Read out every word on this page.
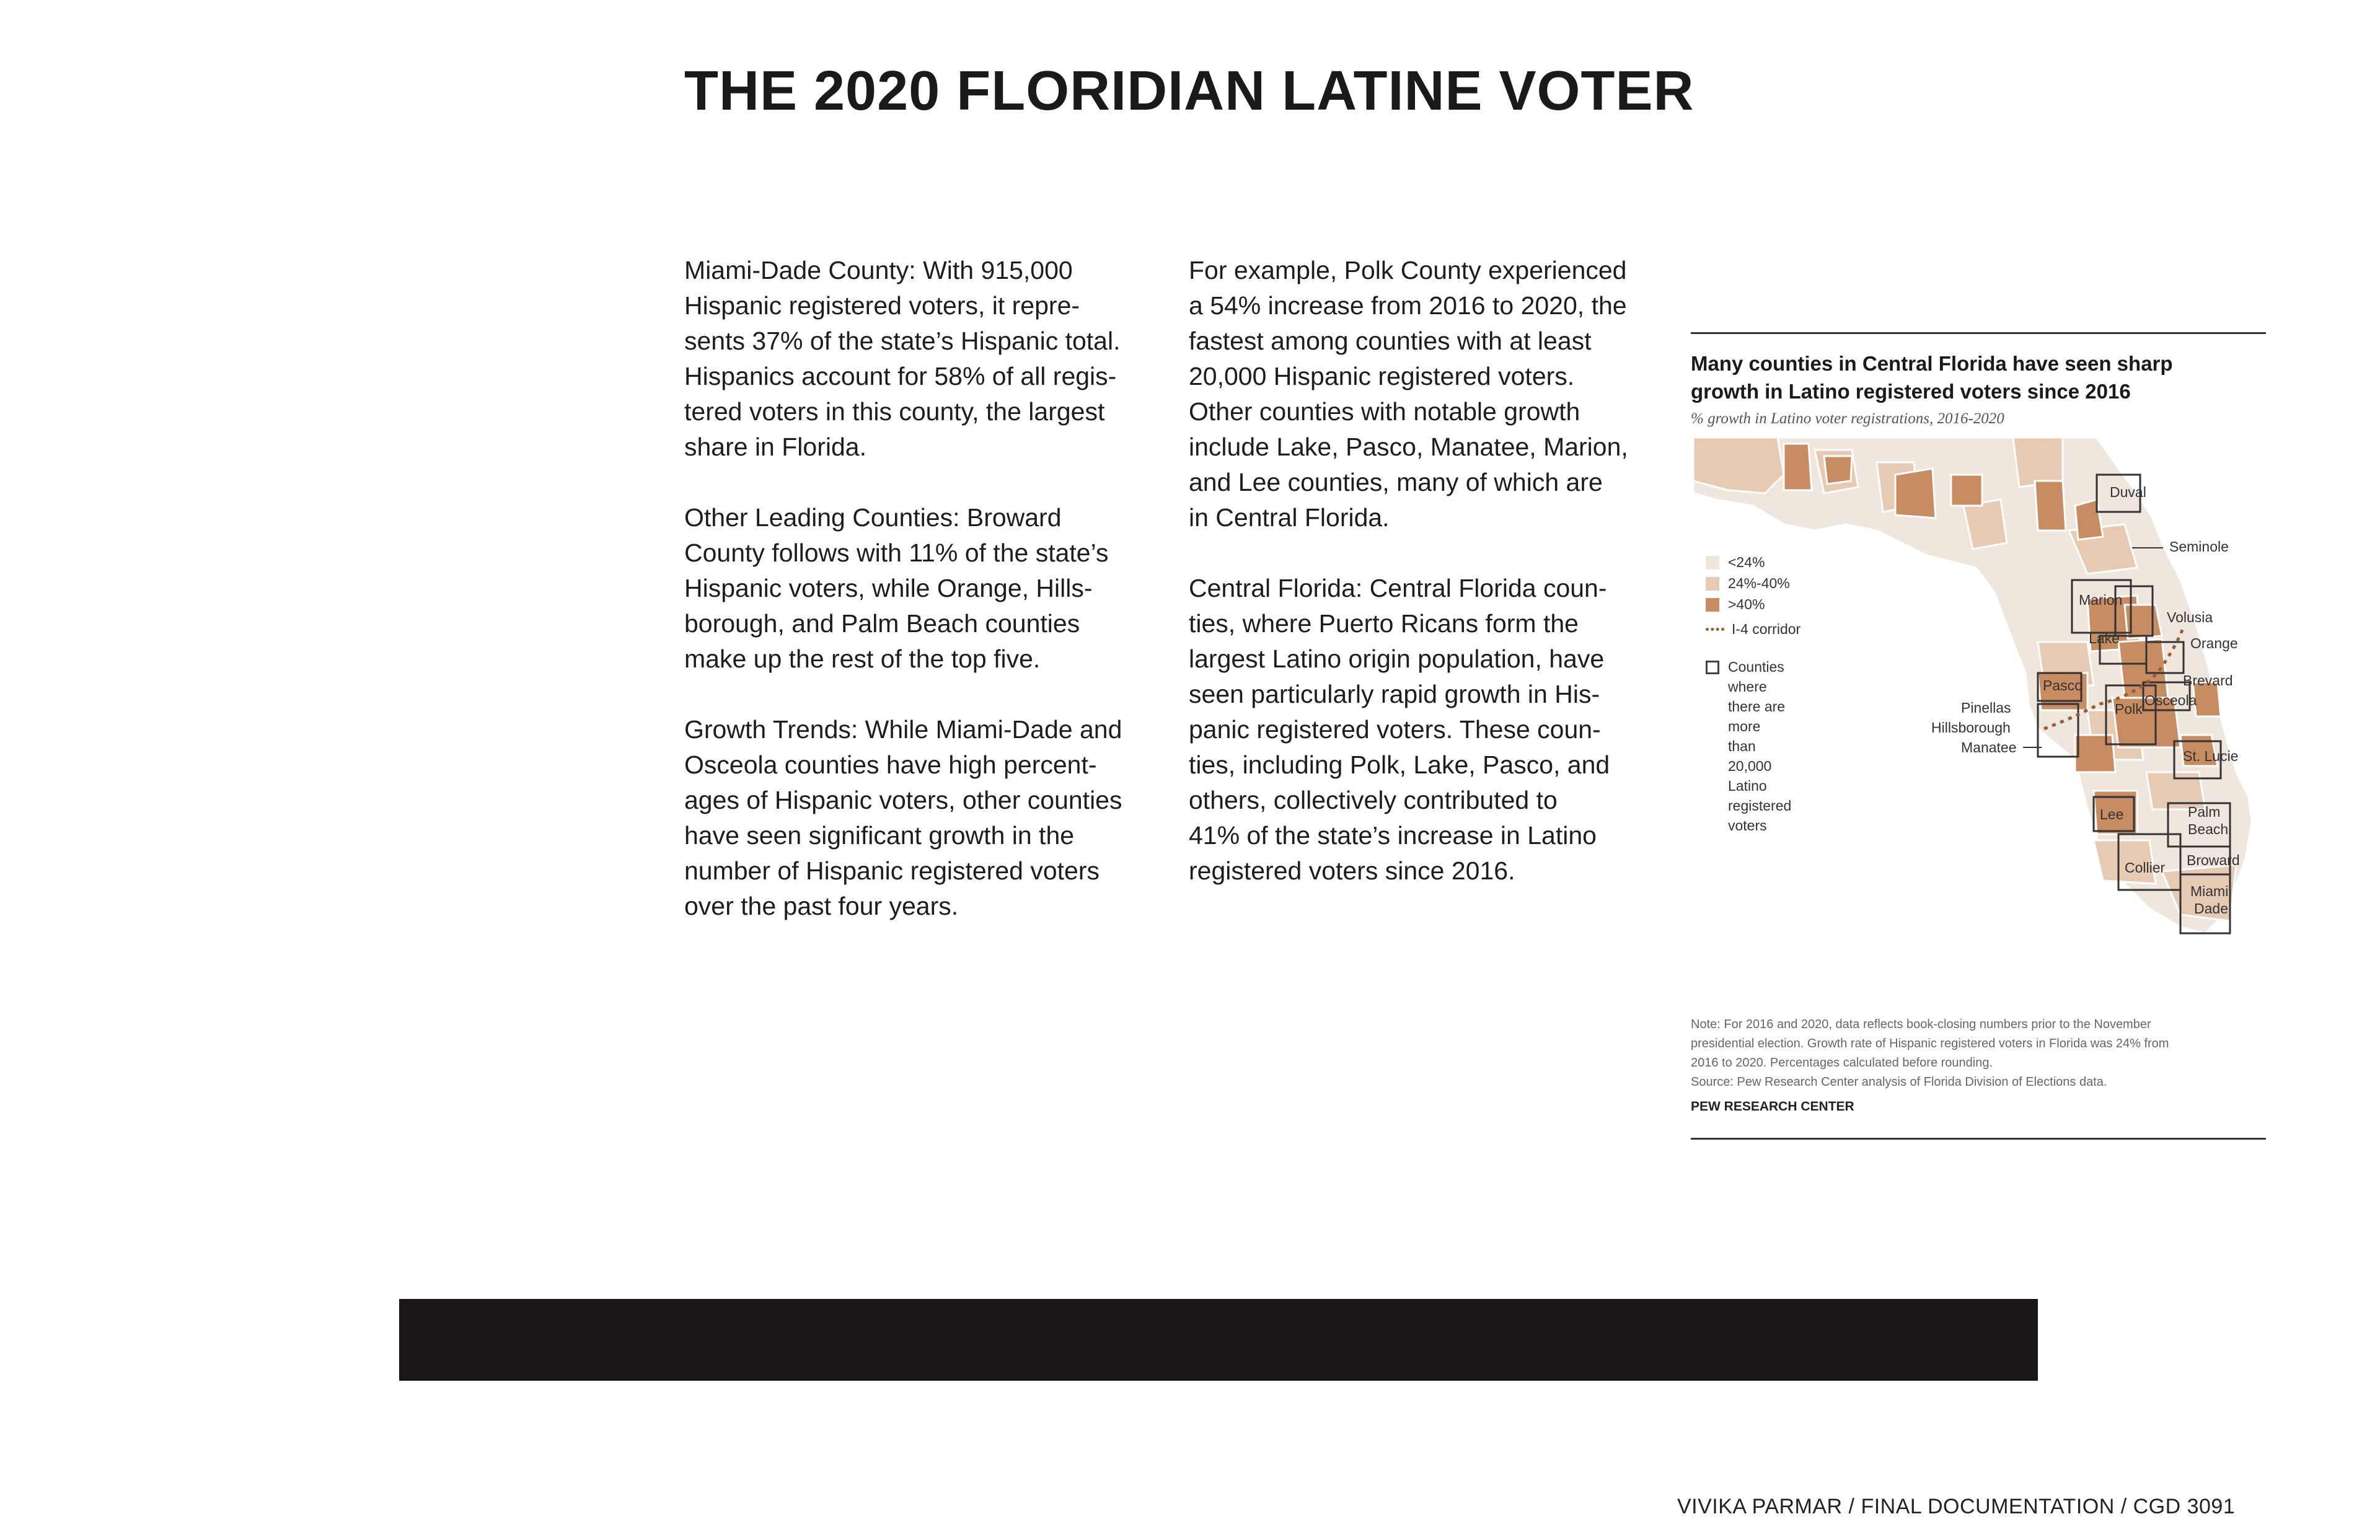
THE 2020 FLORIDIAN LATINE VOTER

Miami-Dade County: With 915,000
Hispanic registered voters, it repre-
sents 37% of the state’s Hispanic total.
Hispanics account for 58% of all regis-
tered voters in this county, the largest
share in Florida.

Other Leading Counties: Broward
County follows with 11% of the state’s
Hispanic voters, while Orange, Hills-
borough, and Palm Beach counties
make up the rest of the top five.

Growth Trends: While Miami-Dade and
Osceola counties have high percent-
ages of Hispanic voters, other counties
have seen significant growth in the
number of Hispanic registered voters
over the past four years.

For example, Polk County experienced
a 54% increase from 2016 to 2020, the
fastest among counties with at least
20,000 Hispanic registered voters.
Other counties with notable growth
include Lake, Pasco, Manatee, Marion,
and Lee counties, many of which are
in Central Florida.

Central Florida: Central Florida coun-
ties, where Puerto Ricans form the
largest Latino origin population, have
seen particularly rapid growth in His-
panic registered voters. These coun-
ties, including Polk, Lake, Pasco, and
others, collectively contributed to
41% of the state’s increase in Latino
registered voters since 2016.

Many counties in Central Florida have seen sharp
growth in Latino registered voters since 2016
% growth in Latino voter registrations, 2016-2020
Duval
Seminole
Marion
Volusia
Lake	Orange
Pasco	Brevard
Pinellas	Osceola
Hillsborough
Polk
Manatee
St. Lucie
Palm
Beach
Lee
Broward
Collier
Miami
Dade
<24%
24%-40%
>40%
I-4 corridor
Counties where there are
more than 20,000 Latino
registered voters

Note: For 2016 and 2020, data reflects book-closing numbers prior to the November
presidential election. Growth rate of Hispanic registered voters in Florida was 24% from
2016 to 2020. Percentages calculated before rounding.
Source: Pew Research Center analysis of Florida Division of Elections data.

PEW RESEARCH CENTER
VIVIKA PARMAR / FINAL DOCUMENTATION / CGD 3091
